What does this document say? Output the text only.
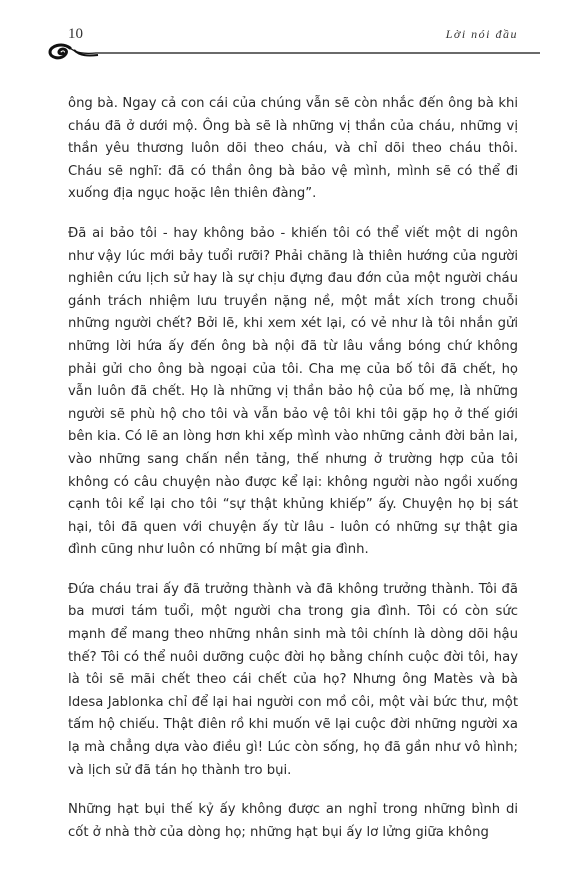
10	Lời nói đầu

ông bà. Ngay cả con cái của chúng vẫn sẽ còn nhắc đến ông bà khi cháu đã ở dưới mộ. Ông bà sẽ là những vị thần của cháu, những vị thần yêu thương luôn dõi theo cháu, và chỉ dõi theo cháu thôi. Cháu sẽ nghĩ: đã có thần ông bà bảo vệ mình, mình sẽ có thể đi xuống địa ngục hoặc lên thiên đàng”.

Đã ai bảo tôi - hay không bảo - khiến tôi có thể viết một di ngôn như vậy lúc mới bảy tuổi rưỡi? Phải chăng là thiên hướng của người nghiên cứu lịch sử hay là sự chịu đựng đau đớn của một người cháu gánh trách nhiệm lưu truyền nặng nề, một mắt xích trong chuỗi những người chết? Bởi lẽ, khi xem xét lại, có vẻ như là tôi nhắn gửi những lời hứa ấy đến ông bà nội đã từ lâu vắng bóng chứ không phải gửi cho ông bà ngoại của tôi. Cha mẹ của bố tôi đã chết, họ vẫn luôn đã chết. Họ là những vị thần bảo hộ của bố mẹ, là những người sẽ phù hộ cho tôi và vẫn bảo vệ tôi khi tôi gặp họ ở thế giới bên kia. Có lẽ an lòng hơn khi xếp mình vào những cảnh đời bản lai, vào những sang chấn nền tảng, thế nhưng ở trường hợp của tôi không có câu chuyện nào được kể lại: không người nào ngồi xuống cạnh tôi kể lại cho tôi “sự thật khủng khiếp” ấy. Chuyện họ bị sát hại, tôi đã quen với chuyện ấy từ lâu - luôn có những sự thật gia đình cũng như luôn có những bí mật gia đình.

Đứa cháu trai ấy đã trưởng thành và đã không trưởng thành. Tôi đã ba mươi tám tuổi, một người cha trong gia đình. Tôi có còn sức mạnh để mang theo những nhân sinh mà tôi chính là dòng dõi hậu thế? Tôi có thể nuôi dưỡng cuộc đời họ bằng chính cuộc đời tôi, hay là tôi sẽ mãi chết theo cái chết của họ? Nhưng ông Matès và bà Idesa Jablonka chỉ để lại hai người con mồ côi, một vài bức thư, một tấm hộ chiếu. Thật điên rồ khi muốn vẽ lại cuộc đời những người xa lạ mà chẳng dựa vào điều gì! Lúc còn sống, họ đã gần như vô hình; và lịch sử đã tán họ thành tro bụi.

Những hạt bụi thế kỷ ấy không được an nghỉ trong những bình di cốt ở nhà thờ của dòng họ; những hạt bụi ấy lơ lửng giữa không
